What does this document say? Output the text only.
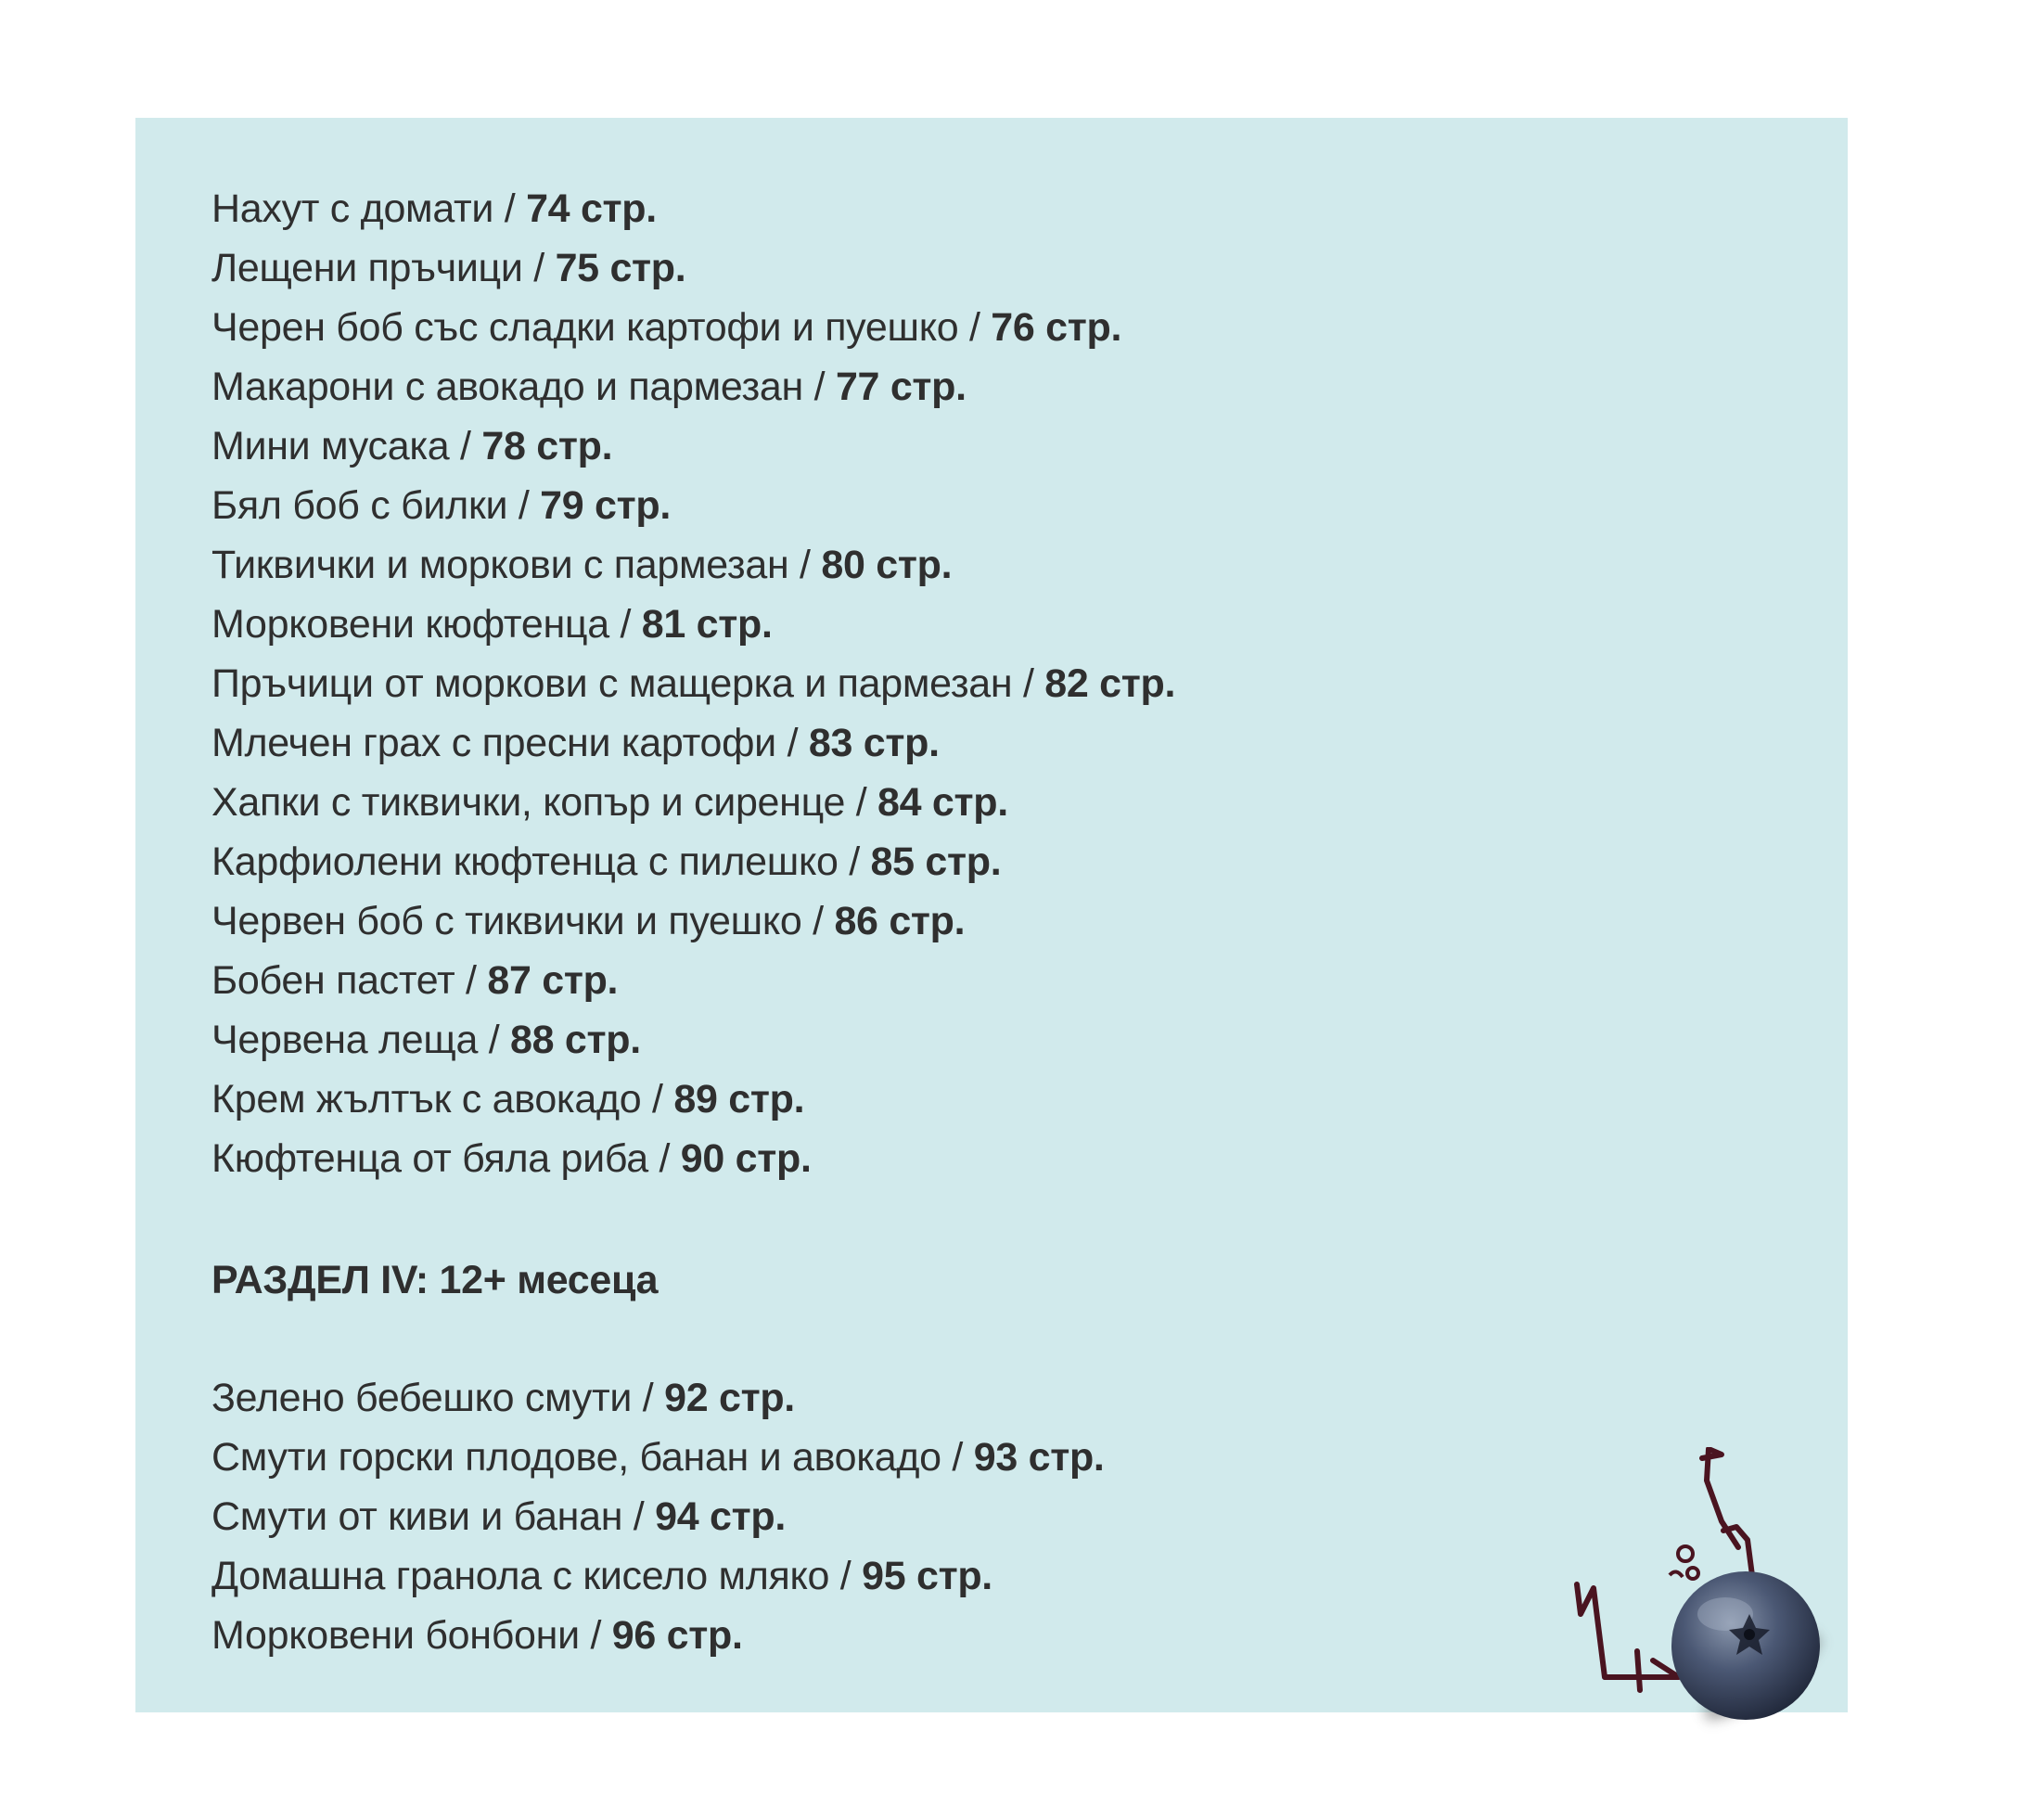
Нахут с домати / 74 стр.
Лещени пръчици / 75 стр.
Черен боб със сладки картофи и пуешко / 76 стр.
Макарони с авокадо и пармезан / 77 стр.
Мини мусака / 78 стр.
Бял боб с билки / 79 стр.
Тиквички и моркови с пармезан / 80 стр.
Морковени кюфтенца / 81 стр.
Пръчици от моркови с мащерка и пармезан / 82 стр.
Млечен грах с пресни картофи / 83 стр.
Хапки с тиквички, копър и сиренце / 84 стр.
Карфиолени кюфтенца с пилешко / 85 стр.
Червен боб с тиквички и пуешко / 86 стр.
Бобен пастет / 87 стр.
Червена леща / 88 стр.
Крем жълтък с авокадо / 89 стр.
Кюфтенца от бяла риба / 90 стр.
РАЗДЕЛ IV: 12+ месеца
Зелено бебешко смути / 92 стр.
Смути горски плодове, банан и авокадо / 93 стр.
Смути от киви и банан / 94 стр.
Домашна гранола с кисело мляко / 95 стр.
Морковени бонбони / 96 стр.
